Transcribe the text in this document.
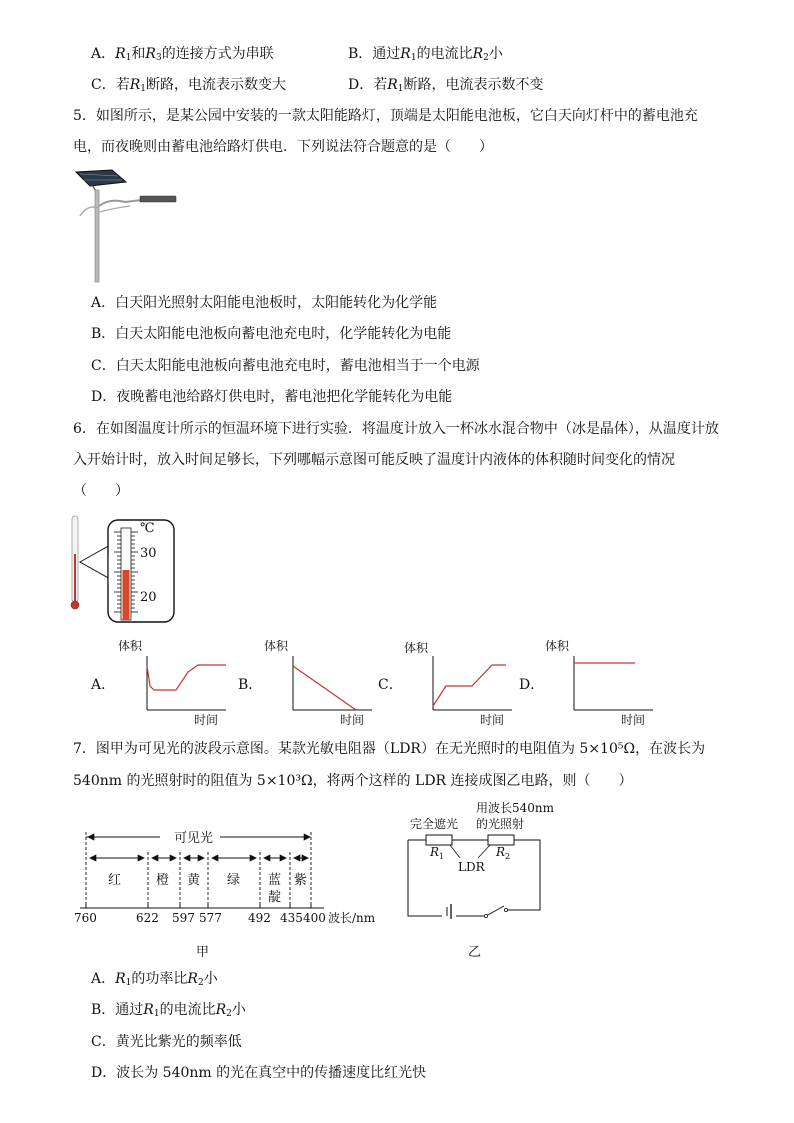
A．$R_1$和$R_3$的连接方式为串联	B．通过$R_1$的电流比$R_2$小
C．若$R_1$断路，电流表示数变大	D．若$R_1$断路，电流表示数不变
5．如图所示，是某公园中安装的一款太阳能路灯，顶端是太阳能电池板，它白天向灯杆中的蓄电池充
电，而夜晚则由蓄电池给路灯供电．下列说法符合题意的是（　　）
A．白天阳光照射太阳能电池板时，太阳能转化为化学能
B．白天太阳能电池板向蓄电池充电时，化学能转化为电能
C．白天太阳能电池板向蓄电池充电时，蓄电池相当于一个电源
D．夜晚蓄电池给路灯供电时，蓄电池把化学能转化为电能
6．在如图温度计所示的恒温环境下进行实验．将温度计放入一杯冰水混合物中（冰是晶体），从温度计放
入开始计时，放入时间足够长，下列哪幅示意图可能反映了温度计内液体的体积随时间变化的情况
（　　）
℃
30
20
A．
体积
时间
B．
体积
时间
C．
体积
时间
D．
体积
时间
7．图甲为可见光的波段示意图。某款光敏电阻器（LDR）在无光照时的电阻值为 5×10⁵Ω，在波长为
540nm 的光照射时的阻值为 5×10³Ω，将两个这样的 LDR 连接成图乙电路，则（　　）
可见光
红	橙 黄 绿 蓝
靛
紫
760	622 597 577 492 435 400 波长/nm
甲
用波长540nm
的光照射
完全遮光
$R_1$	$R_2$
LDR
乙
A．$R_1$的功率比$R_2$小
B．通过$R_1$的电流比$R_2$小
C．黄光比紫光的频率低
D．波长为 540nm 的光在真空中的传播速度比红光快
